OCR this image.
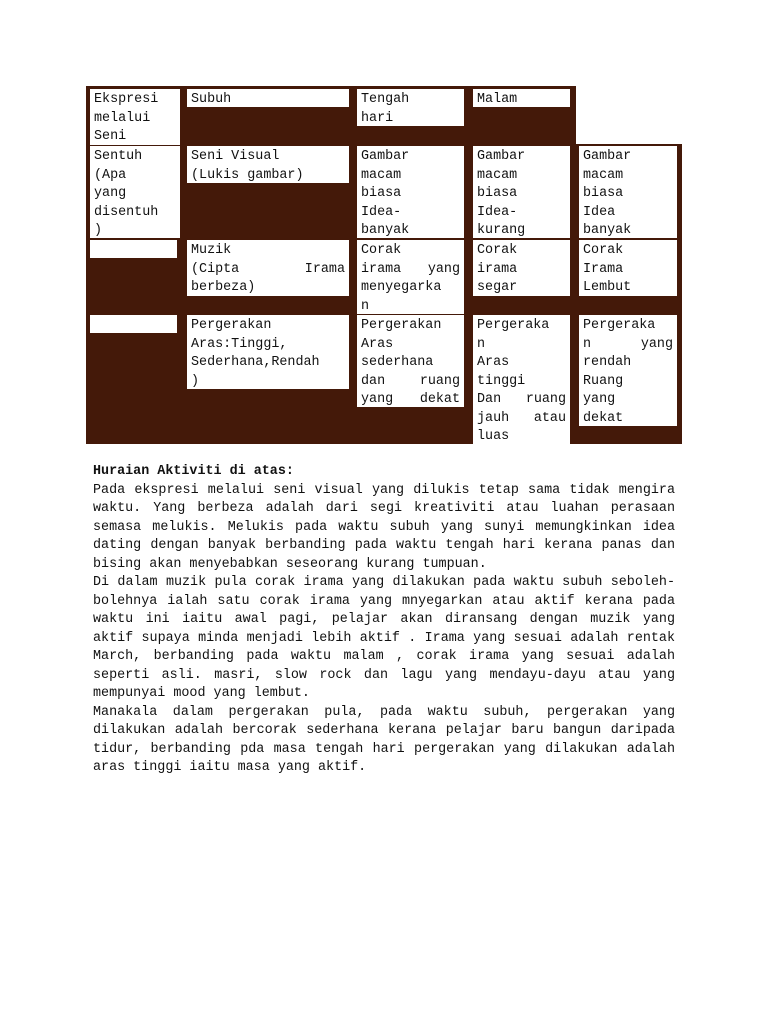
Ekspresi
melalui
Seni
Subuh	Tengah
hari
Malam
Sentuh
(Apa
yang
disentuh
)
Seni Visual
(Lukis gambar)
Gambar
macam
biasa
Idea-
banyak
Gambar
macam
biasa
Idea-
kurang
Gambar
macam
biasa
Idea
banyak
Muzik
(Cipta Irama
berbeza)
Corak
irama yang
menyegarka
n
Corak
irama
segar
Corak
Irama
Lembut
Pergerakan
Aras:Tinggi,
Sederhana,Rendah
)
Pergerakan
Aras
sederhana
dan ruang
yang dekat
Pergeraka
n
Aras
tinggi
Dan ruang
jauh atau
luas
Pergeraka
n yang
rendah
Ruang
yang
dekat
Huraian Aktiviti di atas:

Pada ekspresi melalui seni visual yang dilukis tetap sama tidak mengira waktu. Yang berbeza adalah dari segi kreativiti atau luahan perasaan semasa melukis. Melukis pada waktu subuh yang sunyi memungkinkan idea dating dengan banyak berbanding pada waktu tengah hari kerana panas dan bising akan menyebabkan seseorang kurang tumpuan.

Di dalam muzik pula corak irama yang dilakukan pada waktu subuh seboleh-bolehnya ialah satu corak irama yang mnyegarkan atau aktif kerana pada waktu ini iaitu awal pagi, pelajar akan diransang dengan muzik yang aktif supaya minda menjadi lebih aktif . Irama yang sesuai adalah rentak March, berbanding pada waktu malam , corak irama yang sesuai adalah seperti asli. masri, slow rock dan lagu yang mendayu-dayu atau yang mempunyai mood yang lembut.

Manakala dalam pergerakan pula, pada waktu subuh, pergerakan yang dilakukan adalah bercorak sederhana kerana pelajar baru bangun daripada tidur, berbanding pda masa tengah hari pergerakan yang dilakukan adalah aras tinggi iaitu masa yang aktif.
